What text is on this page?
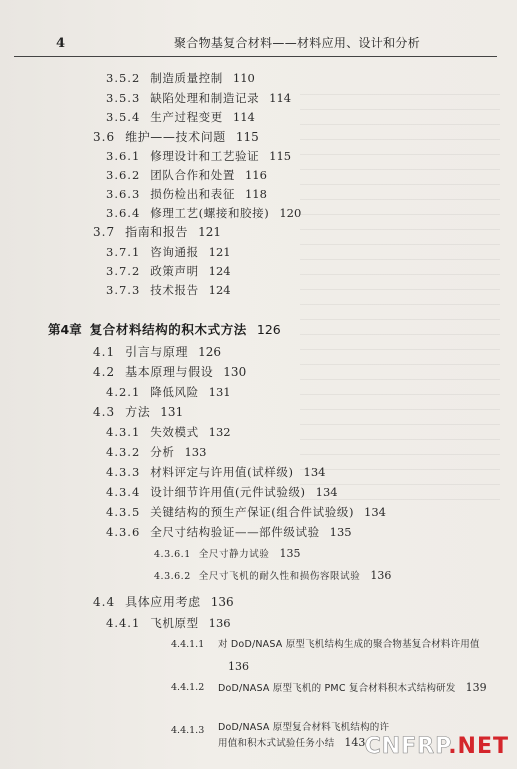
4	聚合物基复合材料——材料应用、设计和分析
3.5.2 制造质量控制 110
3.5.3 缺陷处理和制造记录 114
3.5.4 生产过程变更 114
3.6 维护——技术问题 115
3.6.1 修理设计和工艺验证 115
3.6.2 团队合作和处置 116
3.6.3 损伤检出和表征 118
3.6.4 修理工艺(螺接和胶接) 120
3.7 指南和报告 121
3.7.1 咨询通报 121
3.7.2 政策声明 124
3.7.3 技术报告 124
第4章 复合材料结构的积木式方法 126
4.1 引言与原理 126
4.2 基本原理与假设 130
4.2.1 降低风险 131
4.3 方法 131
4.3.1 失效模式 132
4.3.2 分析 133
4.3.3 材料评定与许用值(试样级) 134
4.3.4 设计细节许用值(元件试验级) 134
4.3.5 关键结构的预生产保证(组合件试验级) 134
4.3.6 全尺寸结构验证——部件级试验 135
4.3.6.1 全尺寸静力试验 135
4.3.6.2 全尺寸飞机的耐久性和损伤容限试验 136
4.4 具体应用考虑 136
4.4.1 飞机原型 136
4.4.1.1 对 DoD/NASA 原型飞机结构生成的聚合物基复合材料许用值136
4.4.1.2 DoD/NASA 原型飞机的 PMC 复合材料积木式结构研发 139
4.4.1.3 DoD/NASA 原型复合材料飞机结构的许用值和积木式试验任务小结 143 CNFRP.NET
